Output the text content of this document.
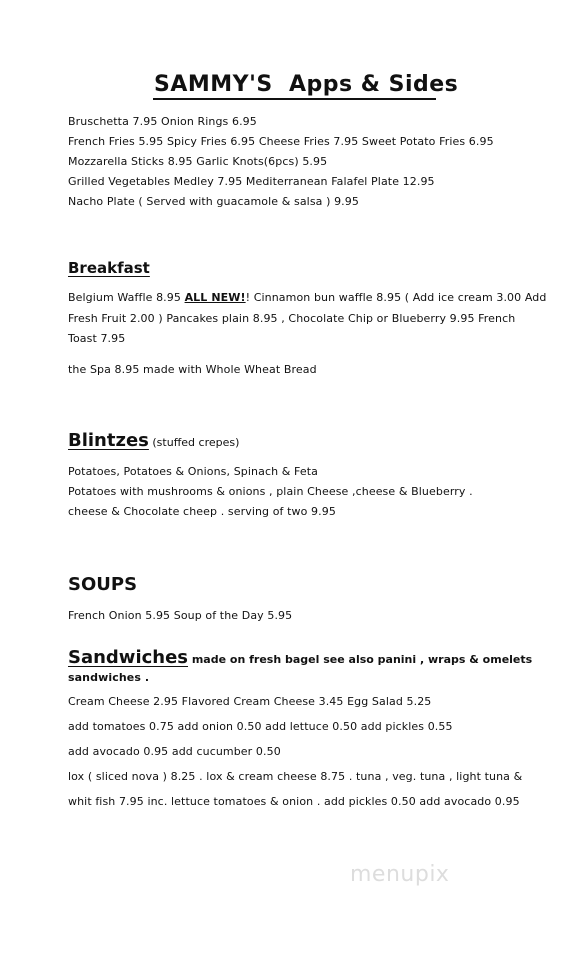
SAMMY'S  Apps & Sides
Bruschetta 7.95 Onion Rings 6.95
French Fries 5.95 Spicy Fries 6.95 Cheese Fries 7.95 Sweet Potato Fries 6.95
Mozzarella Sticks 8.95 Garlic Knots(6pcs) 5.95
Grilled Vegetables Medley 7.95 Mediterranean Falafel Plate 12.95
Nacho Plate ( Served with guacamole & salsa ) 9.95
Breakfast
Belgium Waffle 8.95 ALL NEW!! Cinnamon bun waffle 8.95 ( Add ice cream 3.00 Add
Fresh Fruit 2.00 ) Pancakes plain 8.95 , Chocolate Chip or Blueberry 9.95 French
Toast 7.95
the Spa 8.95 made with Whole Wheat Bread
Blintzes (stuffed crepes)
Potatoes, Potatoes & Onions, Spinach & Feta
Potatoes with mushrooms & onions , plain Cheese ,cheese & Blueberry .
cheese & Chocolate cheep . serving of two 9.95
SOUPS
French Onion 5.95 Soup of the Day 5.95
Sandwiches made on fresh bagel see also panini , wraps & omelets
sandwiches .
Cream Cheese 2.95 Flavored Cream Cheese 3.45 Egg Salad 5.25
add tomatoes 0.75 add onion 0.50 add lettuce 0.50 add pickles 0.55
add avocado 0.95 add cucumber 0.50
lox ( sliced nova ) 8.25 . lox & cream cheese 8.75 . tuna , veg. tuna , light tuna &
whit fish 7.95 inc. lettuce tomatoes & onion . add pickles 0.50 add avocado 0.95
menupix
